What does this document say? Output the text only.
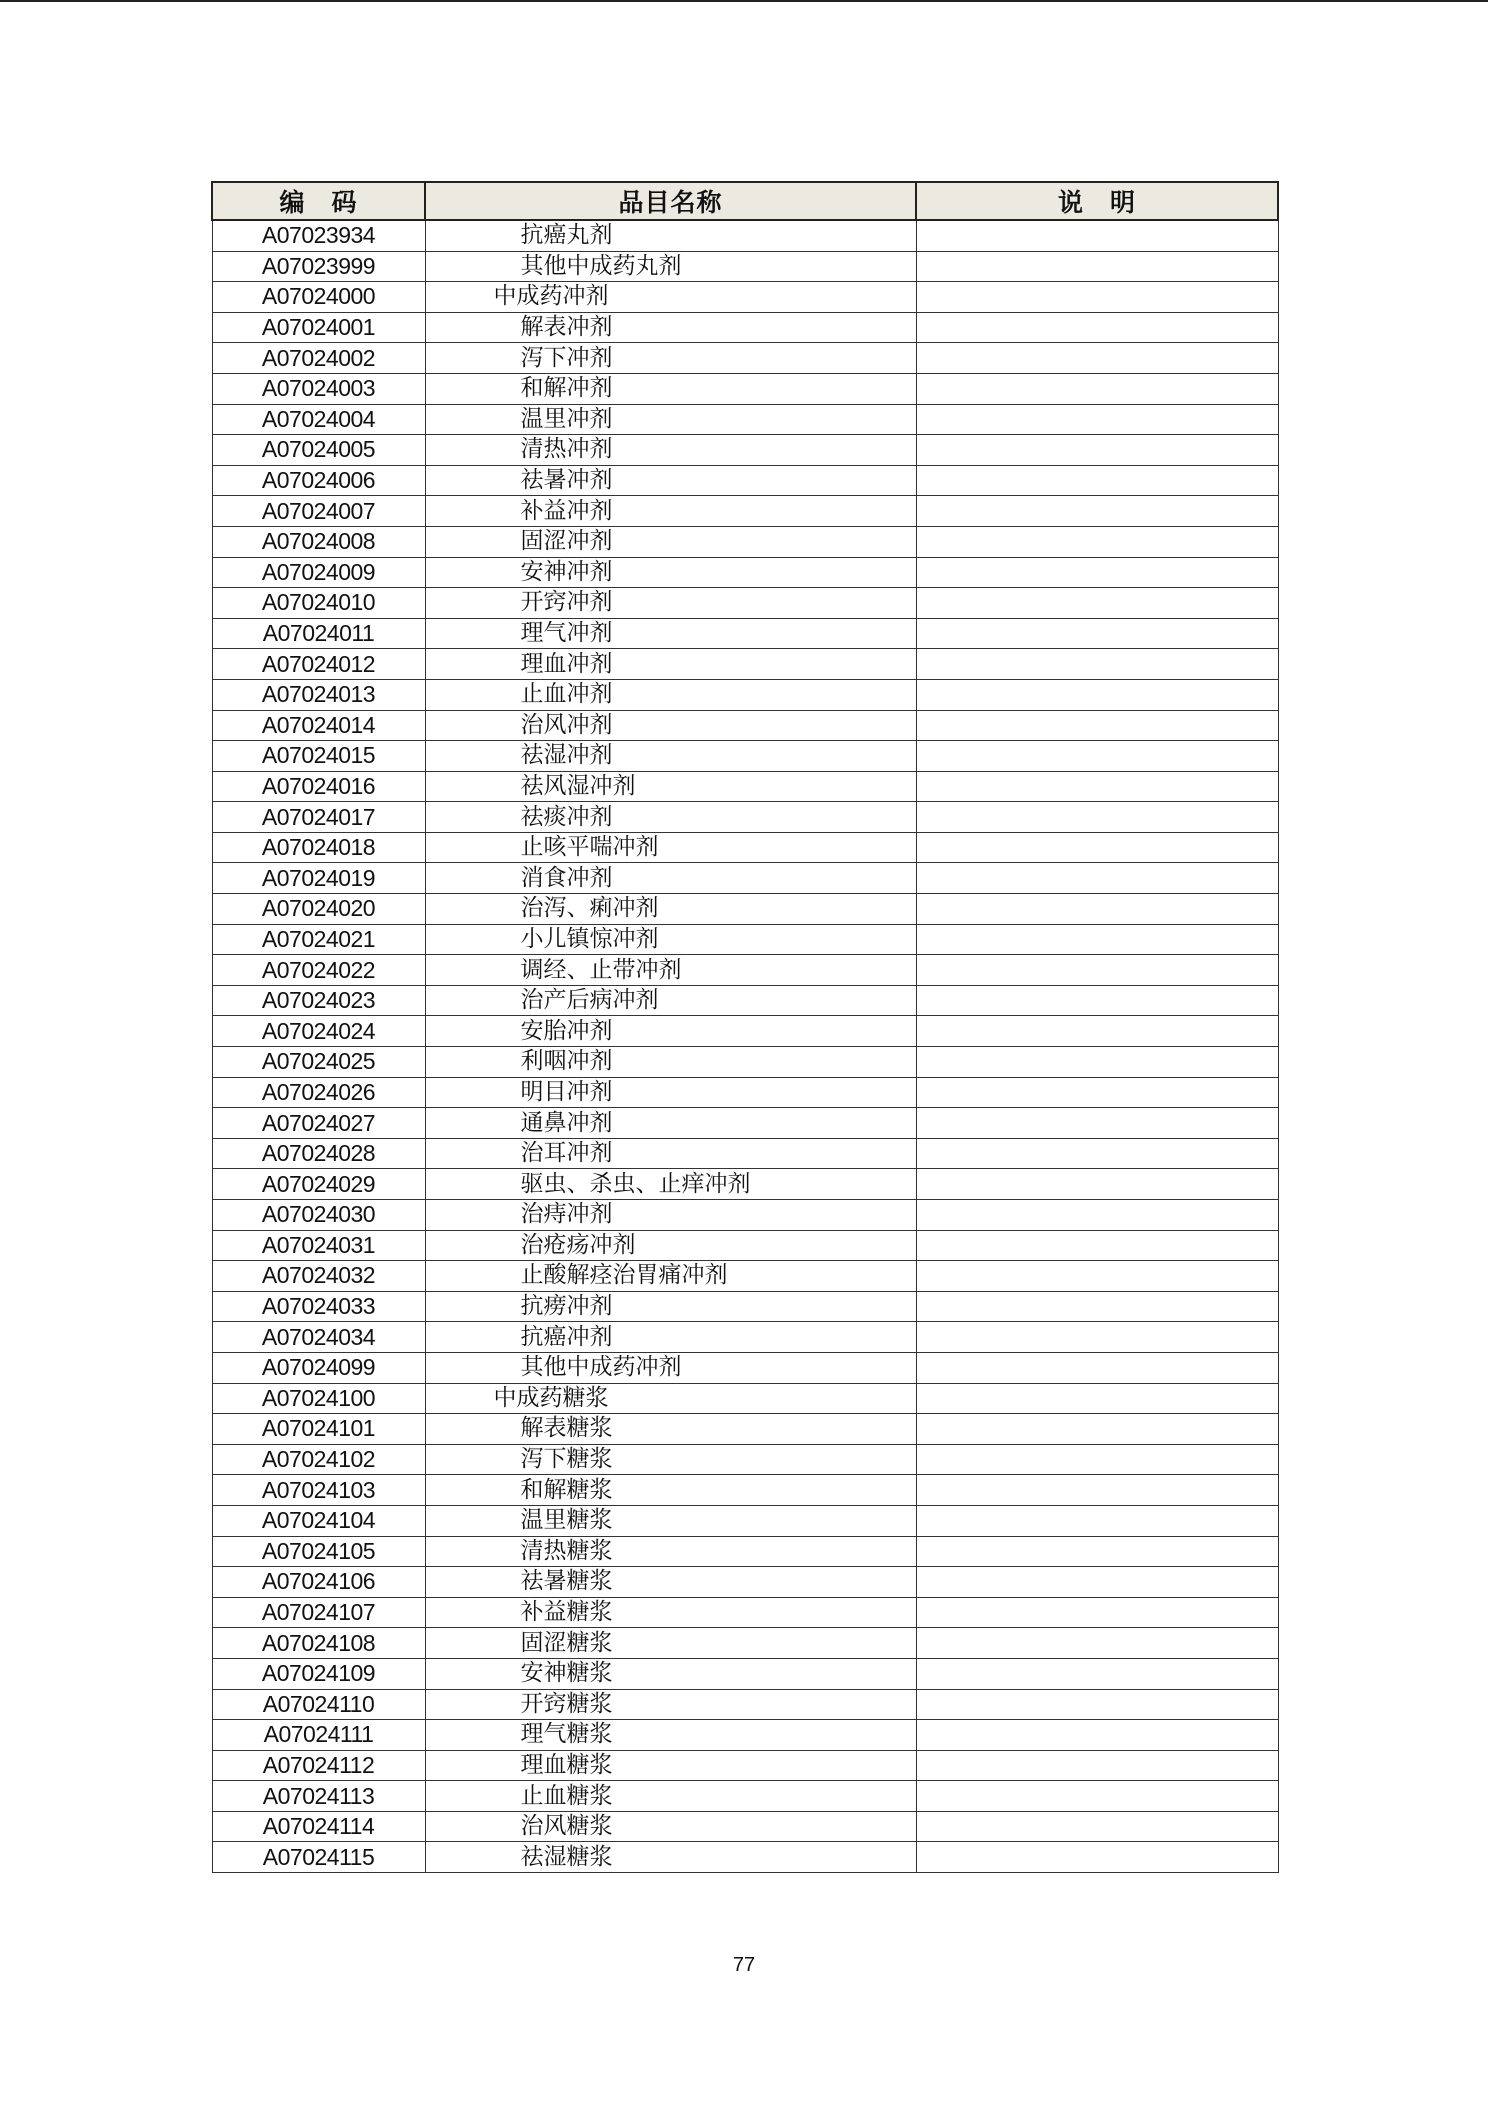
编　码	品目名称	说　明
A07023934	抗癌丸剂	
A07023999	其他中成药丸剂	
A07024000	中成药冲剂	
A07024001	解表冲剂	
A07024002	泻下冲剂	
A07024003	和解冲剂	
A07024004	温里冲剂	
A07024005	清热冲剂	
A07024006	祛暑冲剂	
A07024007	补益冲剂	
A07024008	固涩冲剂	
A07024009	安神冲剂	
A07024010	开窍冲剂	
A07024011	理气冲剂	
A07024012	理血冲剂	
A07024013	止血冲剂	
A07024014	治风冲剂	
A07024015	祛湿冲剂	
A07024016	祛风湿冲剂	
A07024017	祛痰冲剂	
A07024018	止咳平喘冲剂	
A07024019	消食冲剂	
A07024020	治泻、痢冲剂	
A07024021	小儿镇惊冲剂	
A07024022	调经、止带冲剂	
A07024023	治产后病冲剂	
A07024024	安胎冲剂	
A07024025	利咽冲剂	
A07024026	明目冲剂	
A07024027	通鼻冲剂	
A07024028	治耳冲剂	
A07024029	驱虫、杀虫、止痒冲剂	
A07024030	治痔冲剂	
A07024031	治疮疡冲剂	
A07024032	止酸解痉治胃痛冲剂	
A07024033	抗痨冲剂	
A07024034	抗癌冲剂	
A07024099	其他中成药冲剂	
A07024100	中成药糖浆	
A07024101	解表糖浆	
A07024102	泻下糖浆	
A07024103	和解糖浆	
A07024104	温里糖浆	
A07024105	清热糖浆	
A07024106	祛暑糖浆	
A07024107	补益糖浆	
A07024108	固涩糖浆	
A07024109	安神糖浆	
A07024110	开窍糖浆	
A07024111	理气糖浆	
A07024112	理血糖浆	
A07024113	止血糖浆	
A07024114	治风糖浆	
A07024115	祛湿糖浆	
77
